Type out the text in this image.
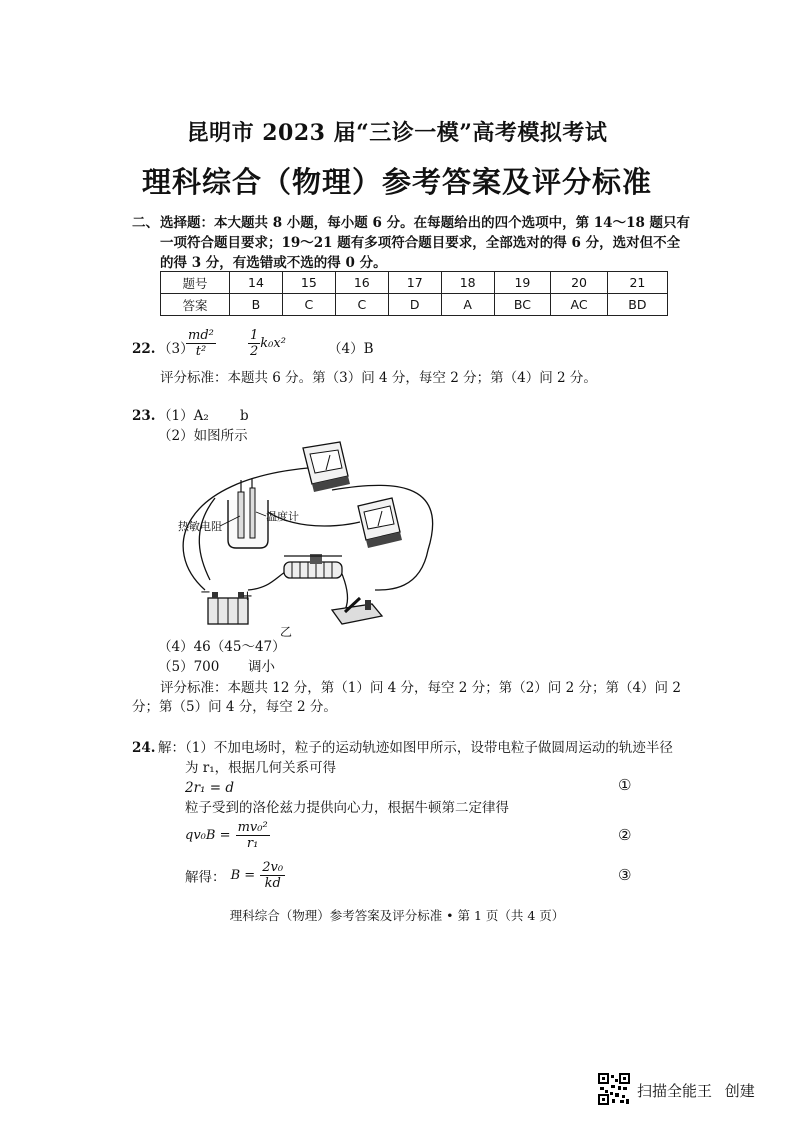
昆明市 2023 届“三诊一模”高考模拟考试
理科综合（物理）参考答案及评分标准
二、 选择题：本大题共 8 小题，每小题 6 分。在每题给出的四个选项中，第 14～18 题只有
一项符合题目要求；19～21 题有多项符合题目要求，全部选对的得 6 分，选对但不全
的得 3 分，有选错或不选的得 0 分。
题号	14	15	16	17	18	19	20	21
答案	B	C	C	D	A	BC	AC	BD
22. （3）
$\frac{\text{md²}}{\text{t²}} \frac{1}{2} k_0x^2$	（4）B
评分标准：本题共 6 分。第（3）问 4 分，每空 2 分；第（4）问 2 分。
23. （1）A₂ b
（2）如图所示
热敏电阻
温度计
− +
乙
（4）46（45～47）
（5）700 调小
评分标准：本题共 12 分，第（1）问 4 分，每空 2 分；第（2）问 2 分；第（4）问 2
分；第（5）问 4 分，每空 2 分。
24. 解：（1）不加电场时，粒子的运动轨迹如图甲所示，设带电粒子做圆周运动的轨迹半径
为 r₁，根据几何关系可得
2r₁ = d	①
粒子受到的洛伦兹力提供向心力，根据牛顿第二定律得
$qv_0B = \frac{\text{mv₀²}}{\text{r₁}}$	②
解得： $B = \frac{\text{2v₀}}{kd}$	③
理科综合（物理）参考答案及评分标准 • 第 1 页（共 4 页）
扫描全能王 创建
